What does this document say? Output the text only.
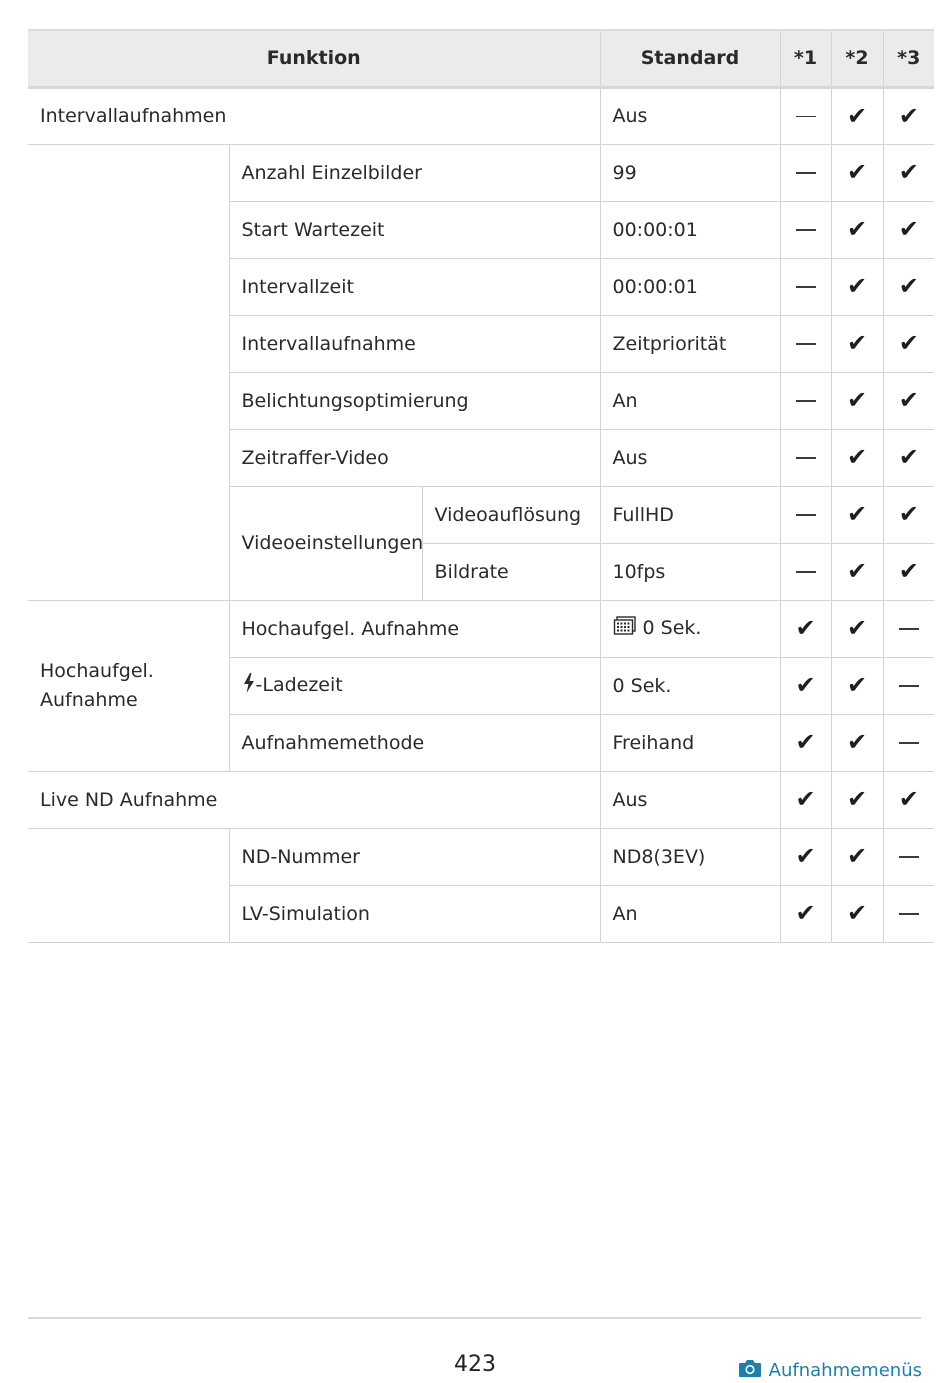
Funktion			Standard	*1	*2	*3
Intervallaufnahmen			Aus		✔	✔
	Anzahl Einzelbilder		99		✔	✔
	Start Wartezeit		00:00:01		✔	✔
	Intervallzeit		00:00:01		✔	✔
	Intervallaufnahme		Zeitpriorität		✔	✔
	Belichtungsoptimierung		An		✔	✔
	Zeitraffer-Video		Aus		✔	✔
	Videoeinstellungen	Videoauflösung	FullHD		✔	✔
		Bildrate	10fps		✔	✔
Hochaufgel. Aufnahme	Hochaufgel. Aufnahme		0 Sek.	✔	✔	
	-Ladezeit		0 Sek.	✔	✔	
	Aufnahmemethode		Freihand	✔	✔	
Live ND Aufnahme			Aus	✔	✔	✔
	ND-Nummer		ND8(3EV)	✔	✔	
	LV-Simulation		An	✔	✔	
423	Aufnahmemenüs
